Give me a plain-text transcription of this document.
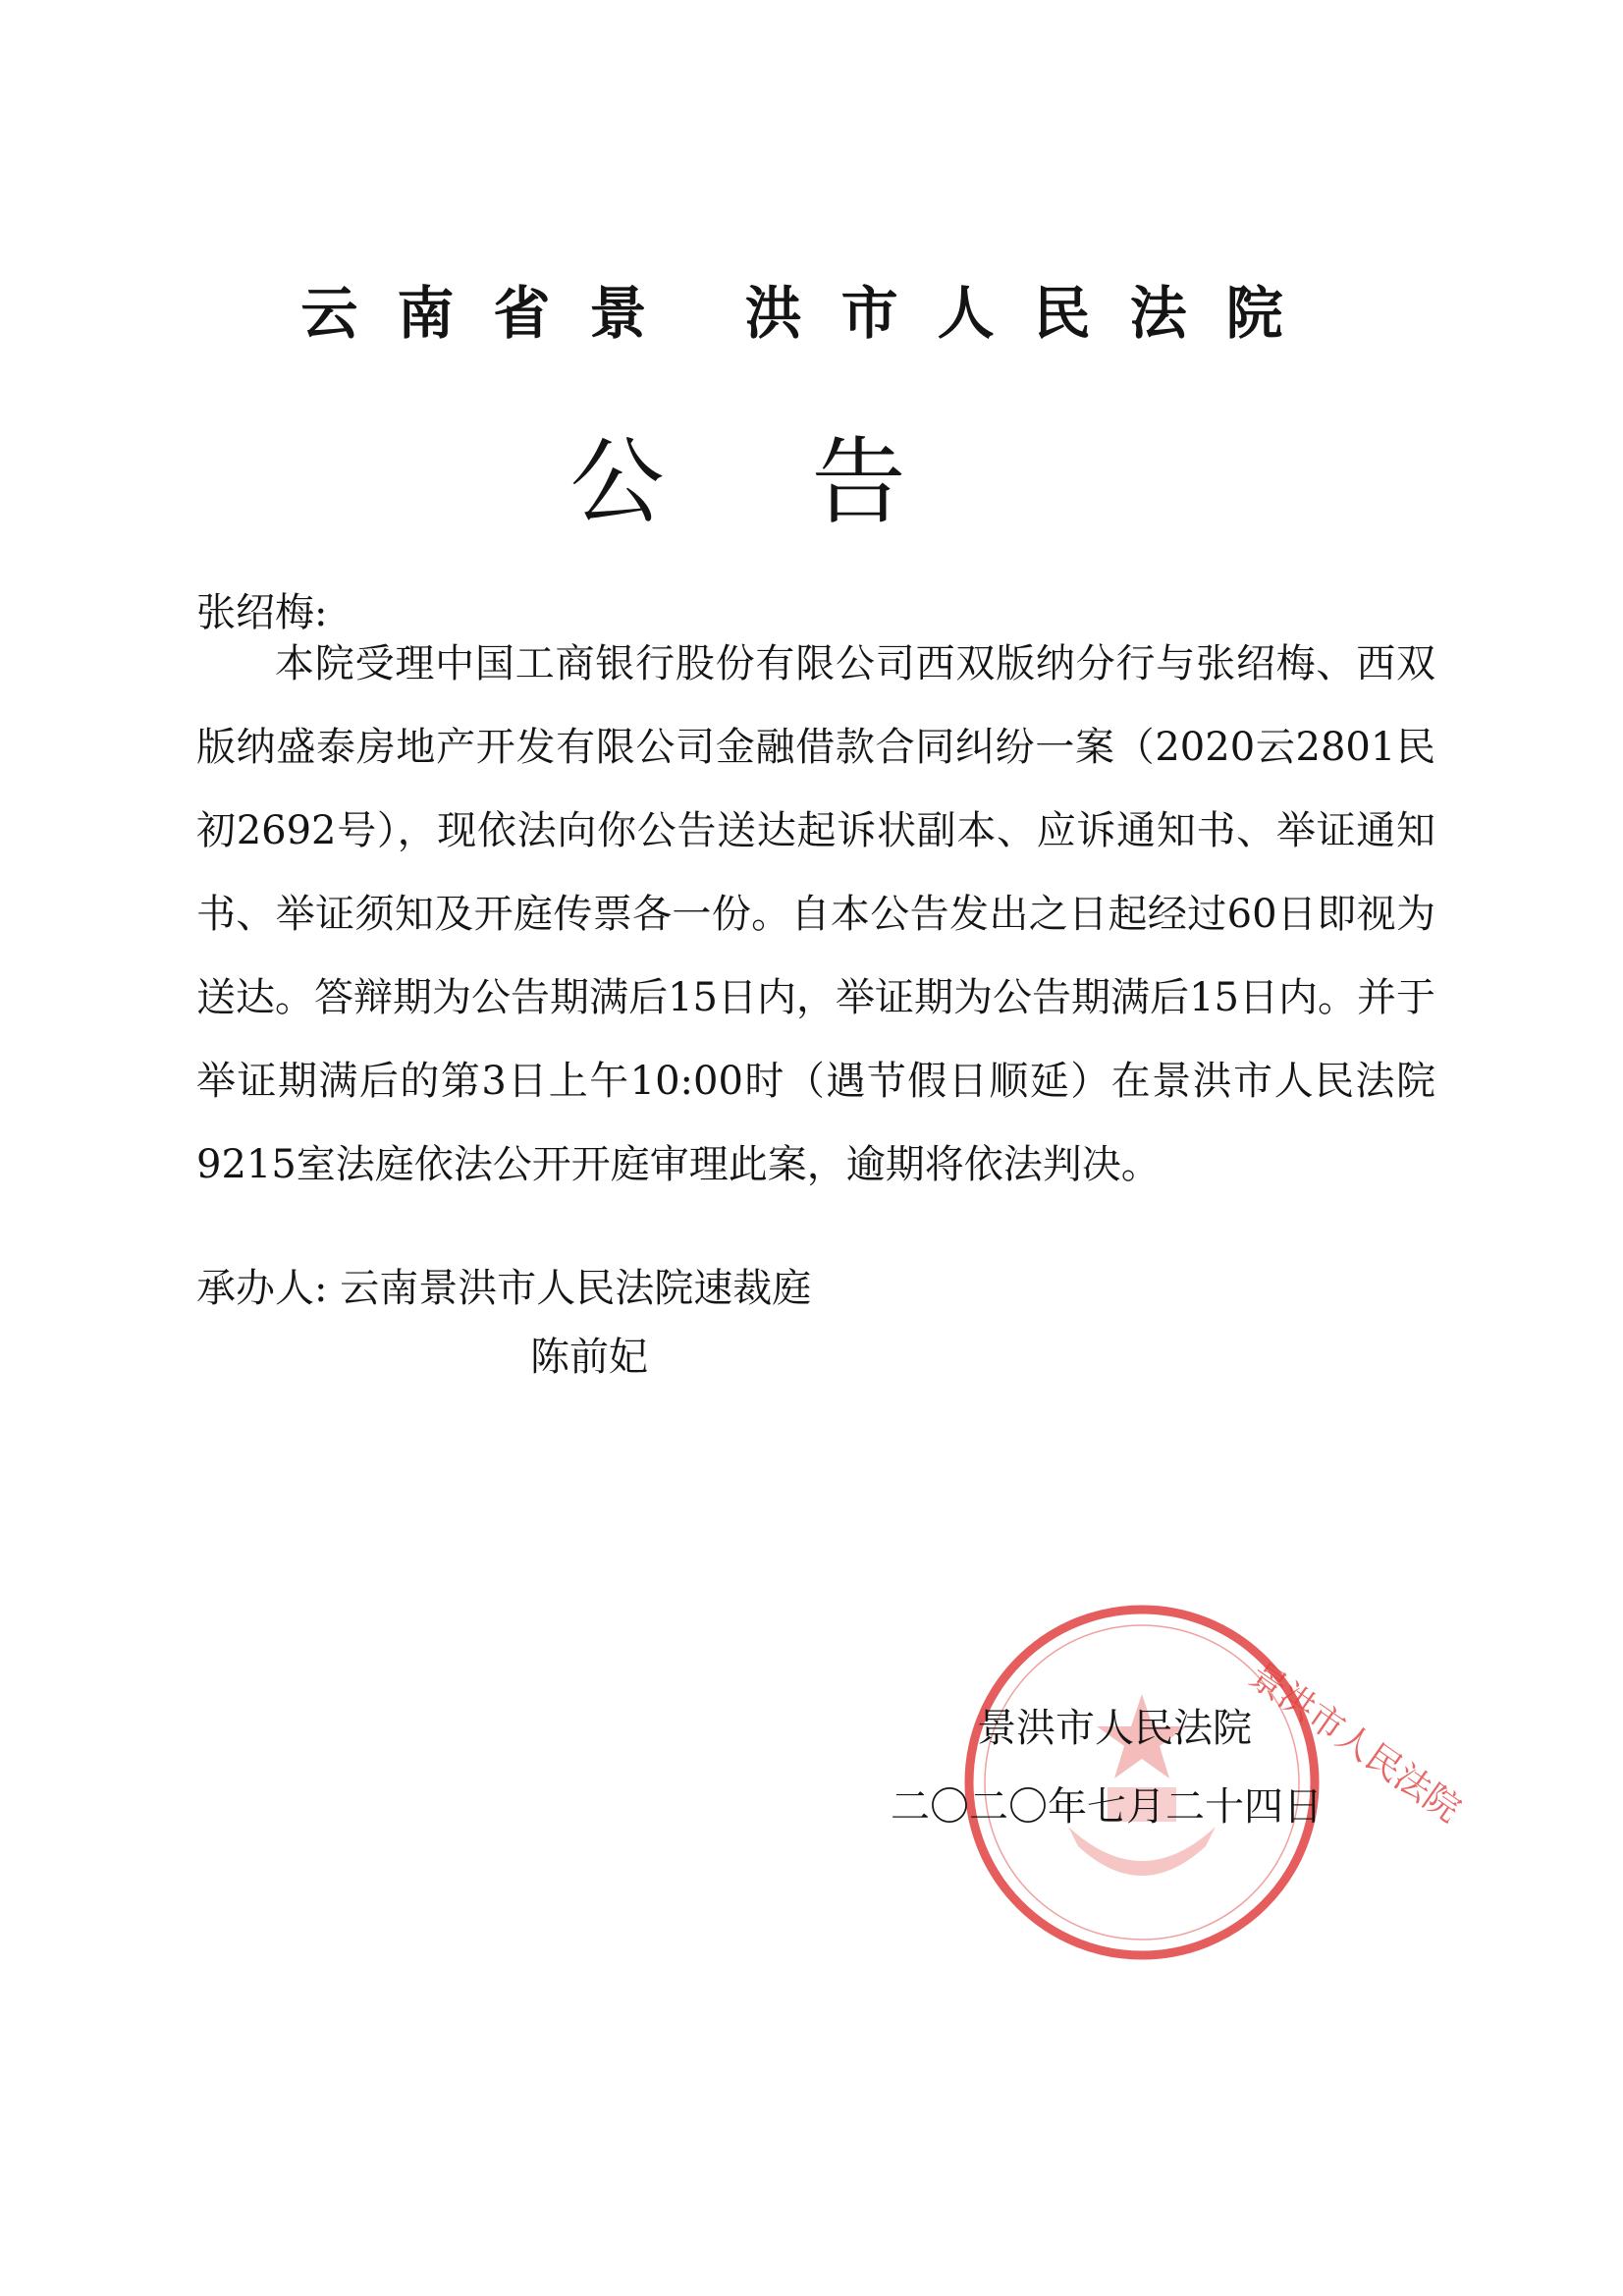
云南省景 洪市人民法院
公告
张绍梅:
本院受理中国工商银行股份有限公司西双版纳分行与张绍梅、西双版纳盛泰房地产开发有限公司金融借款合同纠纷一案（2020云2801民初2692号），现依法向你公告送达起诉状副本、应诉通知书、举证通知书、举证须知及开庭传票各一份。自本公告发出之日起经过60日即视为送达。答辩期为公告期满后15日内，举证期为公告期满后15日内。并于举证期满后的第3日上午10:00时（遇节假日顺延）在景洪市人民法院9215室法庭依法公开开庭审理此案，逾期将依法判决。
承办人: 云南景洪市人民法院速裁庭
陈前妃
景洪市人民法院
景洪市人民法院
二〇二〇年七月二十四日
